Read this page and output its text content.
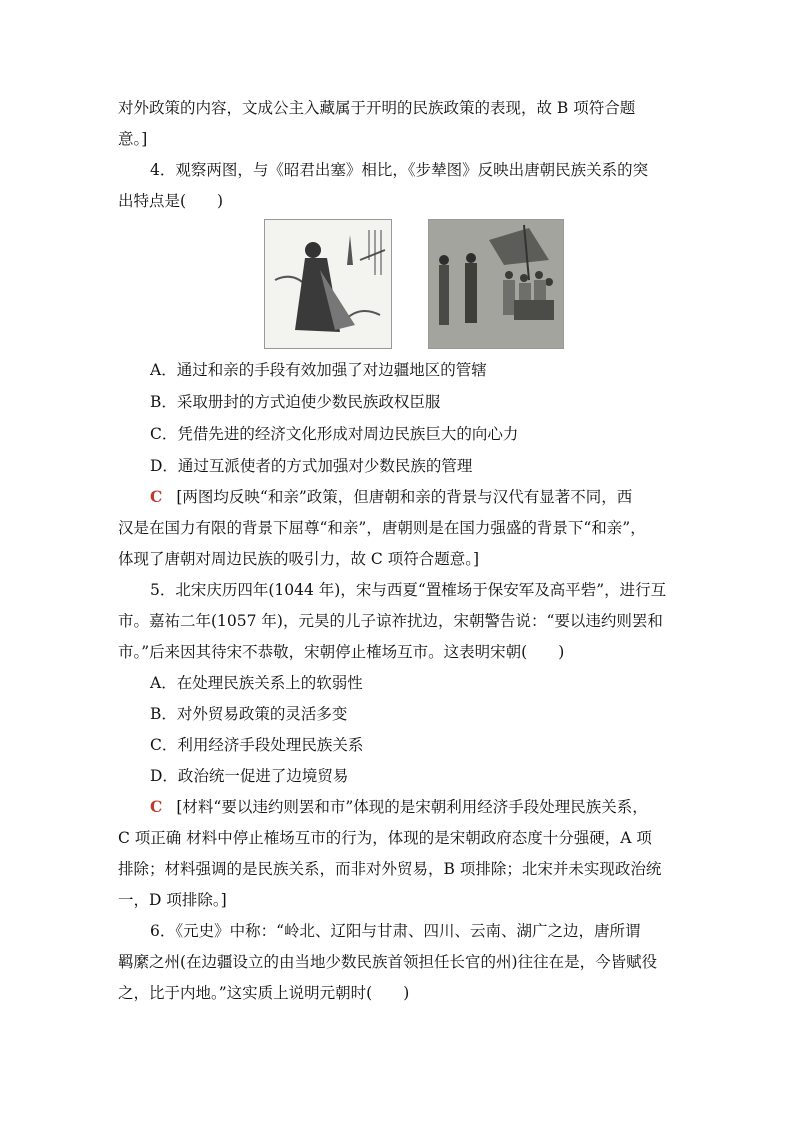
对外政策的内容，文成公主入藏属于开明的民族政策的表现，故 B 项符合题
意。]
4．观察两图，与《昭君出塞》相比，《步辇图》反映出唐朝民族关系的突
出特点是(　　)
A．通过和亲的手段有效加强了对边疆地区的管辖
B．采取册封的方式迫使少数民族政权臣服
C．凭借先进的经济文化形成对周边民族巨大的向心力
D．通过互派使者的方式加强对少数民族的管理
C [两图均反映“和亲”政策，但唐朝和亲的背景与汉代有显著不同，西
汉是在国力有限的背景下屈尊“和亲”，唐朝则是在国力强盛的背景下“和亲”，
体现了唐朝对周边民族的吸引力，故 C 项符合题意。]
5．北宋庆历四年(1044 年)，宋与西夏“置榷场于保安军及高平砦”，进行互
市。嘉祐二年(1057 年)，元昊的儿子谅祚扰边，宋朝警告说：“要以违约则罢和
市。”后来因其待宋不恭敬，宋朝停止榷场互市。这表明宋朝(　　)
A．在处理民族关系上的软弱性
B．对外贸易政策的灵活多变
C．利用经济手段处理民族关系
D．政治统一促进了边境贸易
C [材料“要以违约则罢和市”体现的是宋朝利用经济手段处理民族关系，
C 项正确 材料中停止榷场互市的行为，体现的是宋朝政府态度十分强硬，A 项
排除；材料强调的是民族关系，而非对外贸易，B 项排除；北宋并未实现政治统
一，D 项排除。]
6．《元史》中称：“岭北、辽阳与甘肃、四川、云南、湖广之边，唐所谓
羁縻之州(在边疆设立的由当地少数民族首领担任长官的州)往往在是，今皆赋役
之，比于内地。”这实质上说明元朝时(　　)
